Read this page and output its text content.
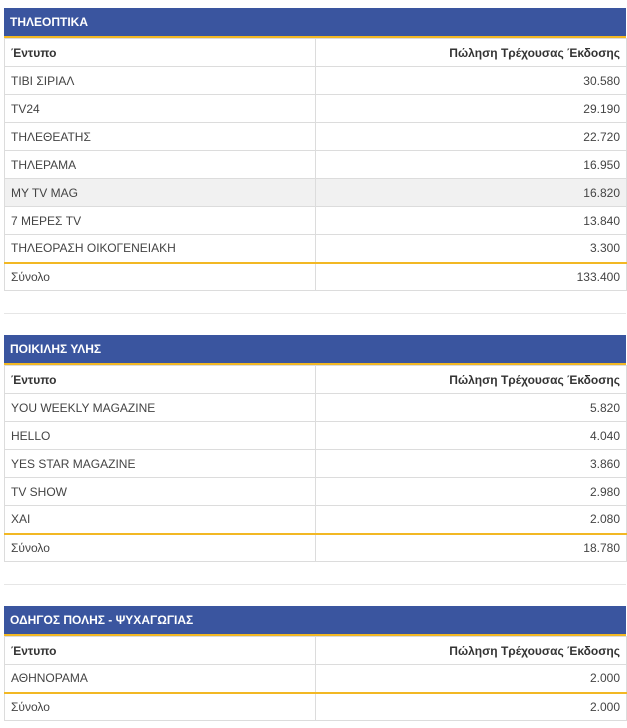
ΤΗΛΕΟΠΤΙΚΑ
Έντυπο	Πώληση Τρέχουσας Έκδοσης
ΤΙΒΙ ΣΙΡΙΑΛ	30.580
TV24	29.190
ΤΗΛΕΘΕΑΤΗΣ	22.720
ΤΗΛΕΡΑΜΑ	16.950
MY TV MAG	16.820
7 ΜΕΡΕΣ TV	13.840
ΤΗΛΕΟΡΑΣΗ ΟΙΚΟΓΕΝΕΙΑΚΗ	3.300
Σύνολο	133.400
ΠΟΙΚΙΛΗΣ ΥΛΗΣ
Έντυπο	Πώληση Τρέχουσας Έκδοσης
YOU WEEKLY MAGAZINE	5.820
HELLO	4.040
YES STAR MAGAZINE	3.860
TV SHOW	2.980
ΧΑΙ	2.080
Σύνολο	18.780
ΟΔΗΓΟΣ ΠΟΛΗΣ - ΨΥΧΑΓΩΓΙΑΣ
Έντυπο	Πώληση Τρέχουσας Έκδοσης
ΑΘΗΝΟΡΑΜΑ	2.000
Σύνολο	2.000
